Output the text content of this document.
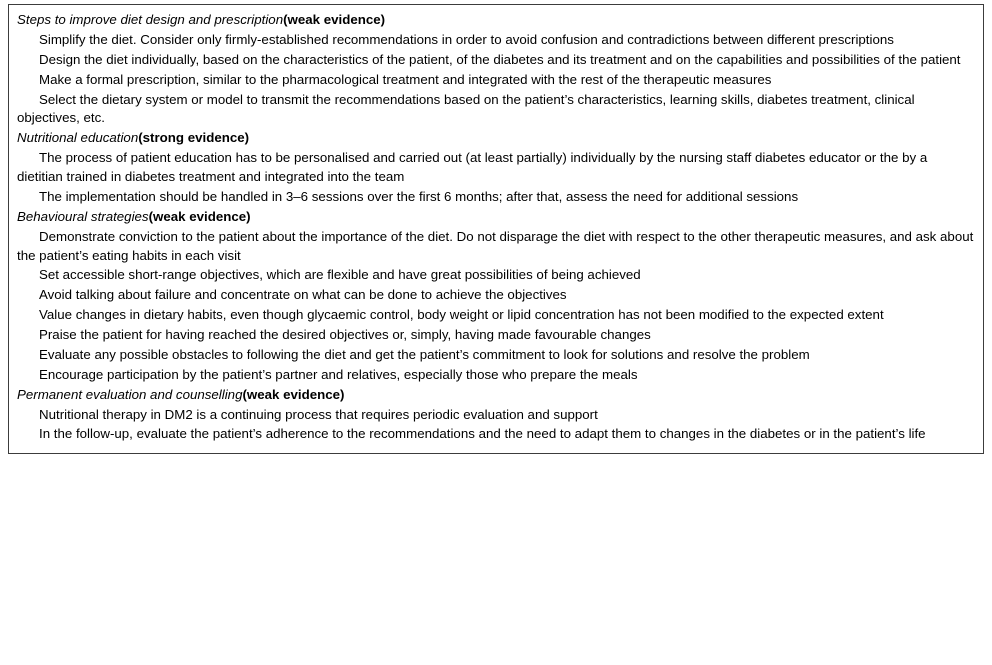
Steps to improve diet design and prescription(weak evidence)
Simplify the diet. Consider only firmly-established recommendations in order to avoid confusion and contradictions between different prescriptions
Design the diet individually, based on the characteristics of the patient, of the diabetes and its treatment and on the capabilities and possibilities of the patient
Make a formal prescription, similar to the pharmacological treatment and integrated with the rest of the therapeutic measures
Select the dietary system or model to transmit the recommendations based on the patient’s characteristics, learning skills, diabetes treatment, clinical objectives, etc.
Nutritional education(strong evidence)
The process of patient education has to be personalised and carried out (at least partially) individually by the nursing staff diabetes educator or the by a dietitian trained in diabetes treatment and integrated into the team
The implementation should be handled in 3–6 sessions over the first 6 months; after that, assess the need for additional sessions
Behavioural strategies(weak evidence)
Demonstrate conviction to the patient about the importance of the diet. Do not disparage the diet with respect to the other therapeutic measures, and ask about the patient’s eating habits in each visit
Set accessible short-range objectives, which are flexible and have great possibilities of being achieved
Avoid talking about failure and concentrate on what can be done to achieve the objectives
Value changes in dietary habits, even though glycaemic control, body weight or lipid concentration has not been modified to the expected extent
Praise the patient for having reached the desired objectives or, simply, having made favourable changes
Evaluate any possible obstacles to following the diet and get the patient’s commitment to look for solutions and resolve the problem
Encourage participation by the patient’s partner and relatives, especially those who prepare the meals
Permanent evaluation and counselling(weak evidence)
Nutritional therapy in DM2 is a continuing process that requires periodic evaluation and support
In the follow-up, evaluate the patient’s adherence to the recommendations and the need to adapt them to changes in the diabetes or in the patient’s life
